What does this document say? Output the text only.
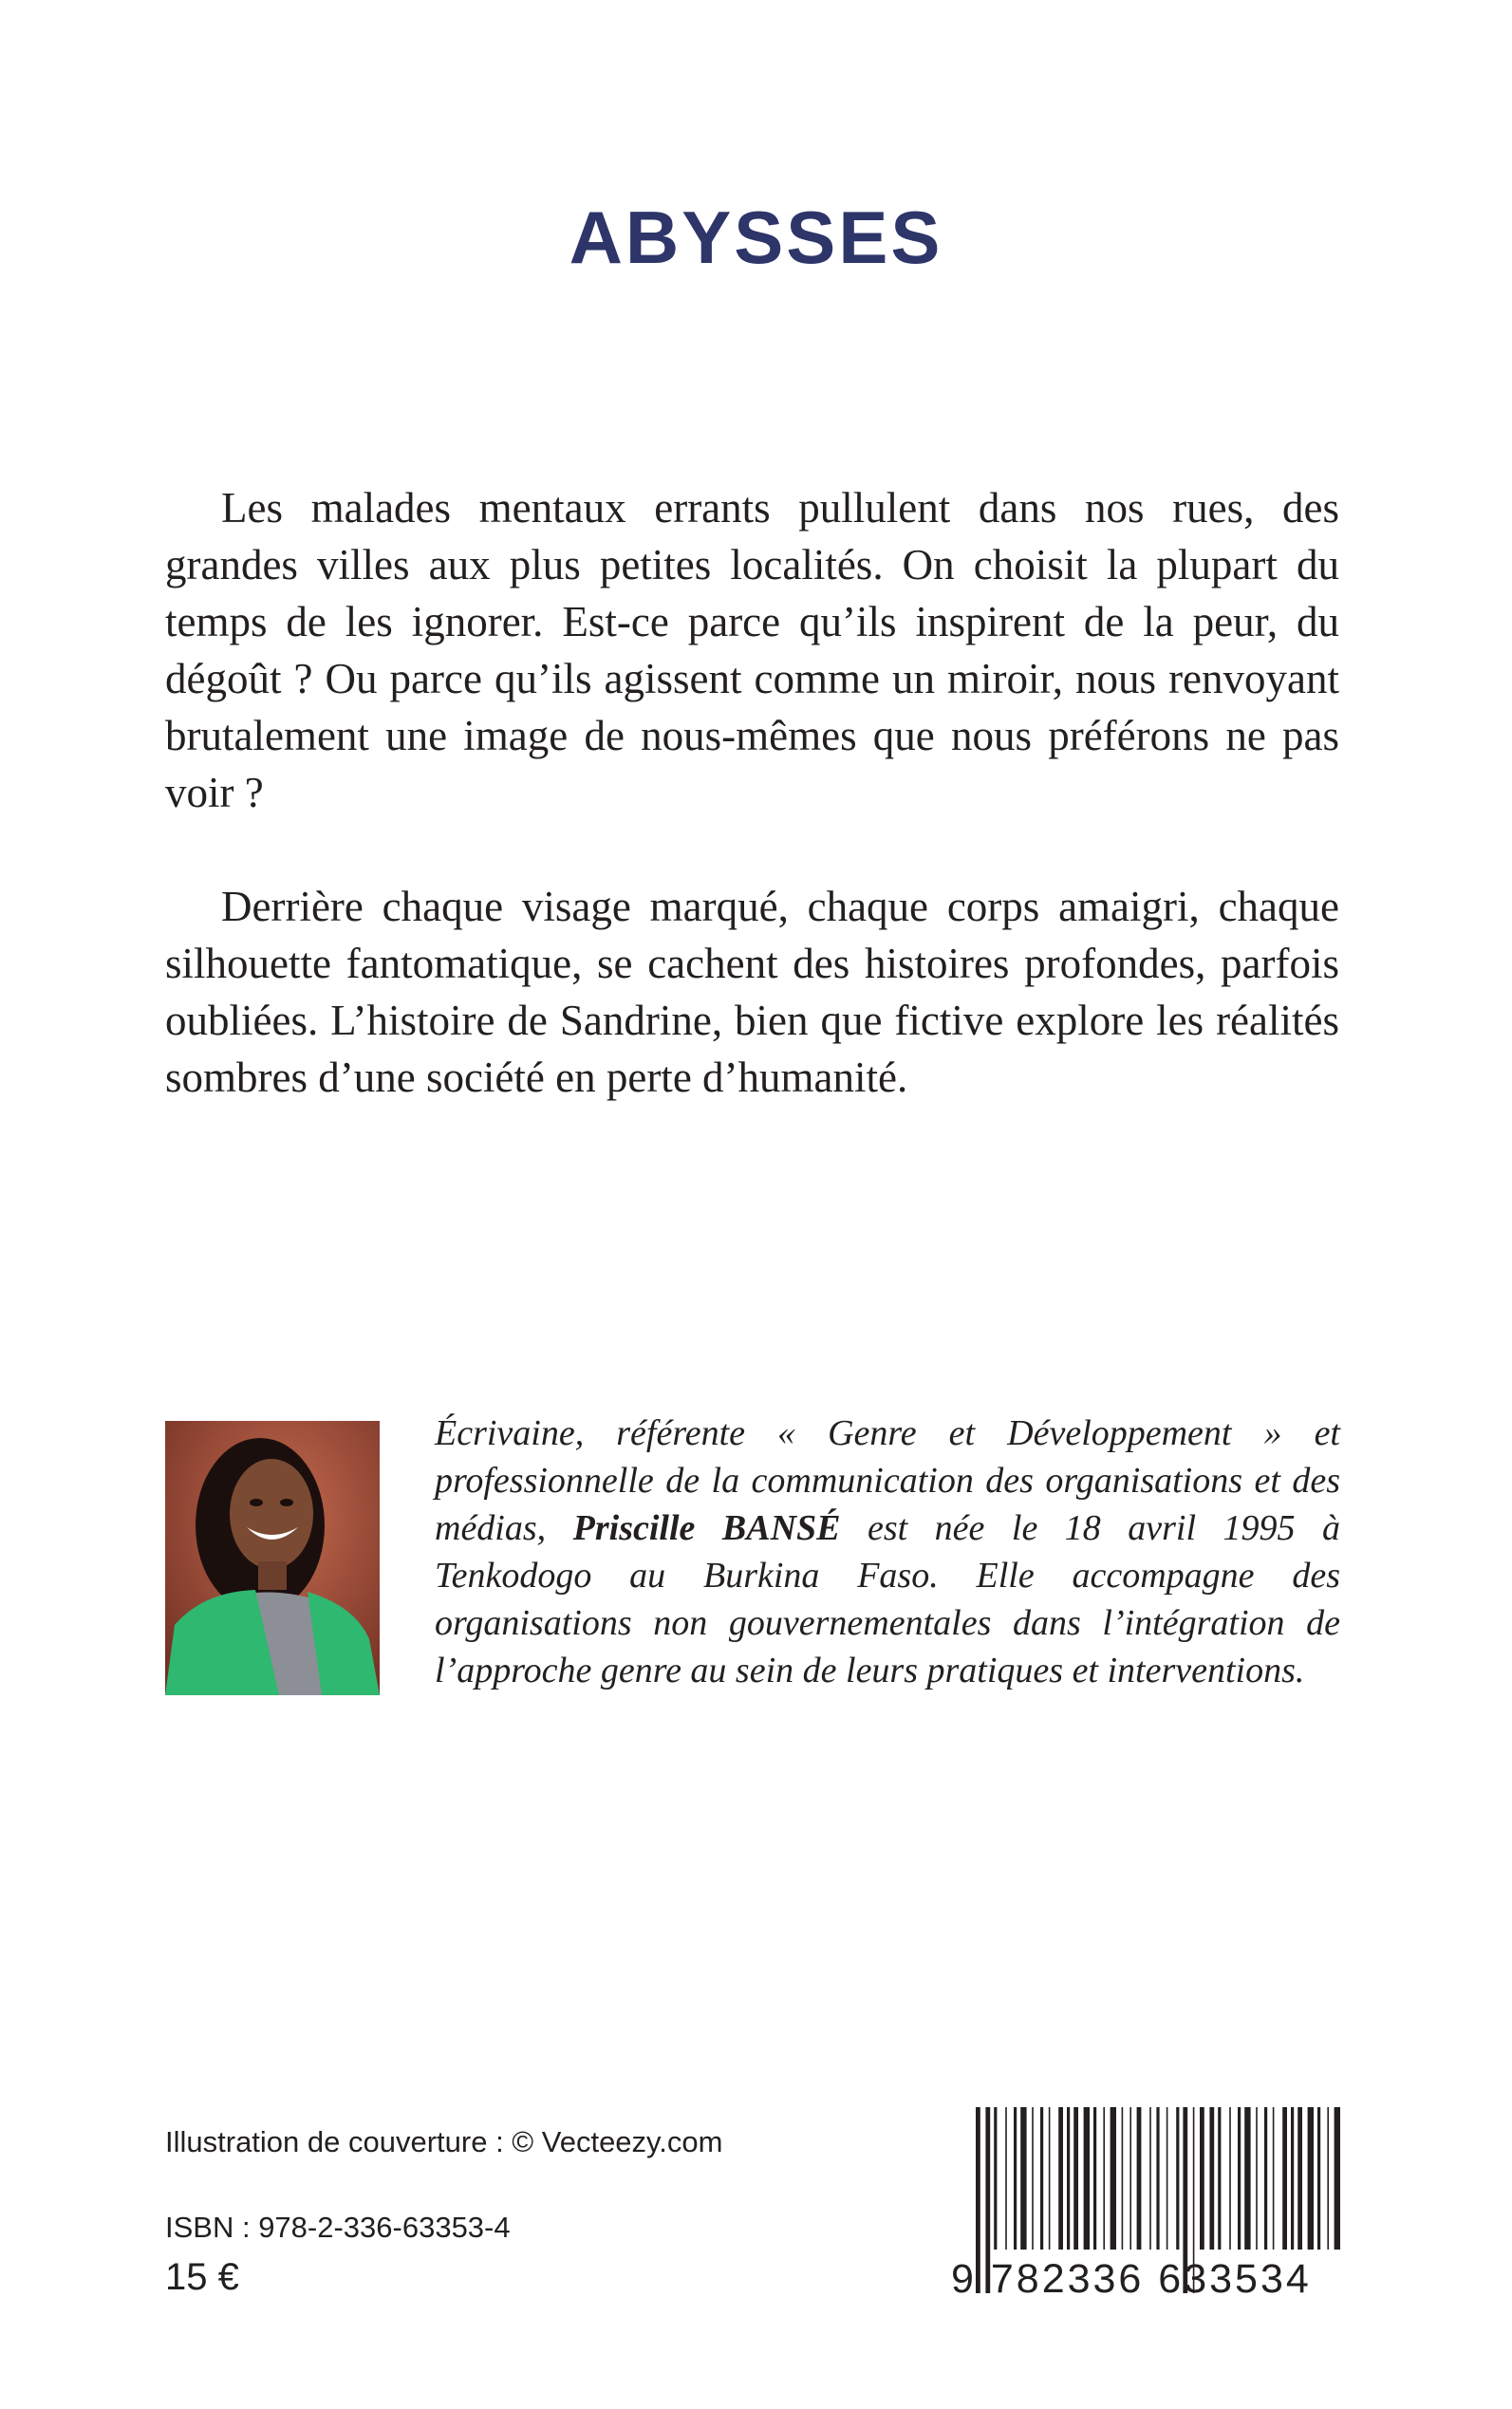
ABYSSES

Les malades mentaux errants pullulent dans nos rues, des grandes villes aux plus petites localités. On choisit la plupart du temps de les ignorer. Est-ce parce qu’ils inspirent de la peur, du dégoût ? Ou parce qu’ils agissent comme un miroir, nous renvoyant brutalement une image de nous-mêmes que nous préférons ne pas voir ?

Derrière chaque visage marqué, chaque corps amaigri, chaque silhouette fantomatique, se cachent des histoires profondes, parfois oubliées. L’histoire de Sandrine, bien que fictive explore les réalités sombres d’une société en perte d’humanité.

Écrivaine, référente « Genre et Développement » et professionnelle de la communication des organisations et des médias, Priscille BANSÉ est née le 18 avril 1995 à Tenkodogo au Burkina Faso. Elle accompagne des organisations non gouvernementales dans l’intégration de l’approche genre au sein de leurs pratiques et interventions.

Illustration de couverture : © Vecteezy.com
ISBN : 978-2-336-63353-4
15 €	9 782336 633534
